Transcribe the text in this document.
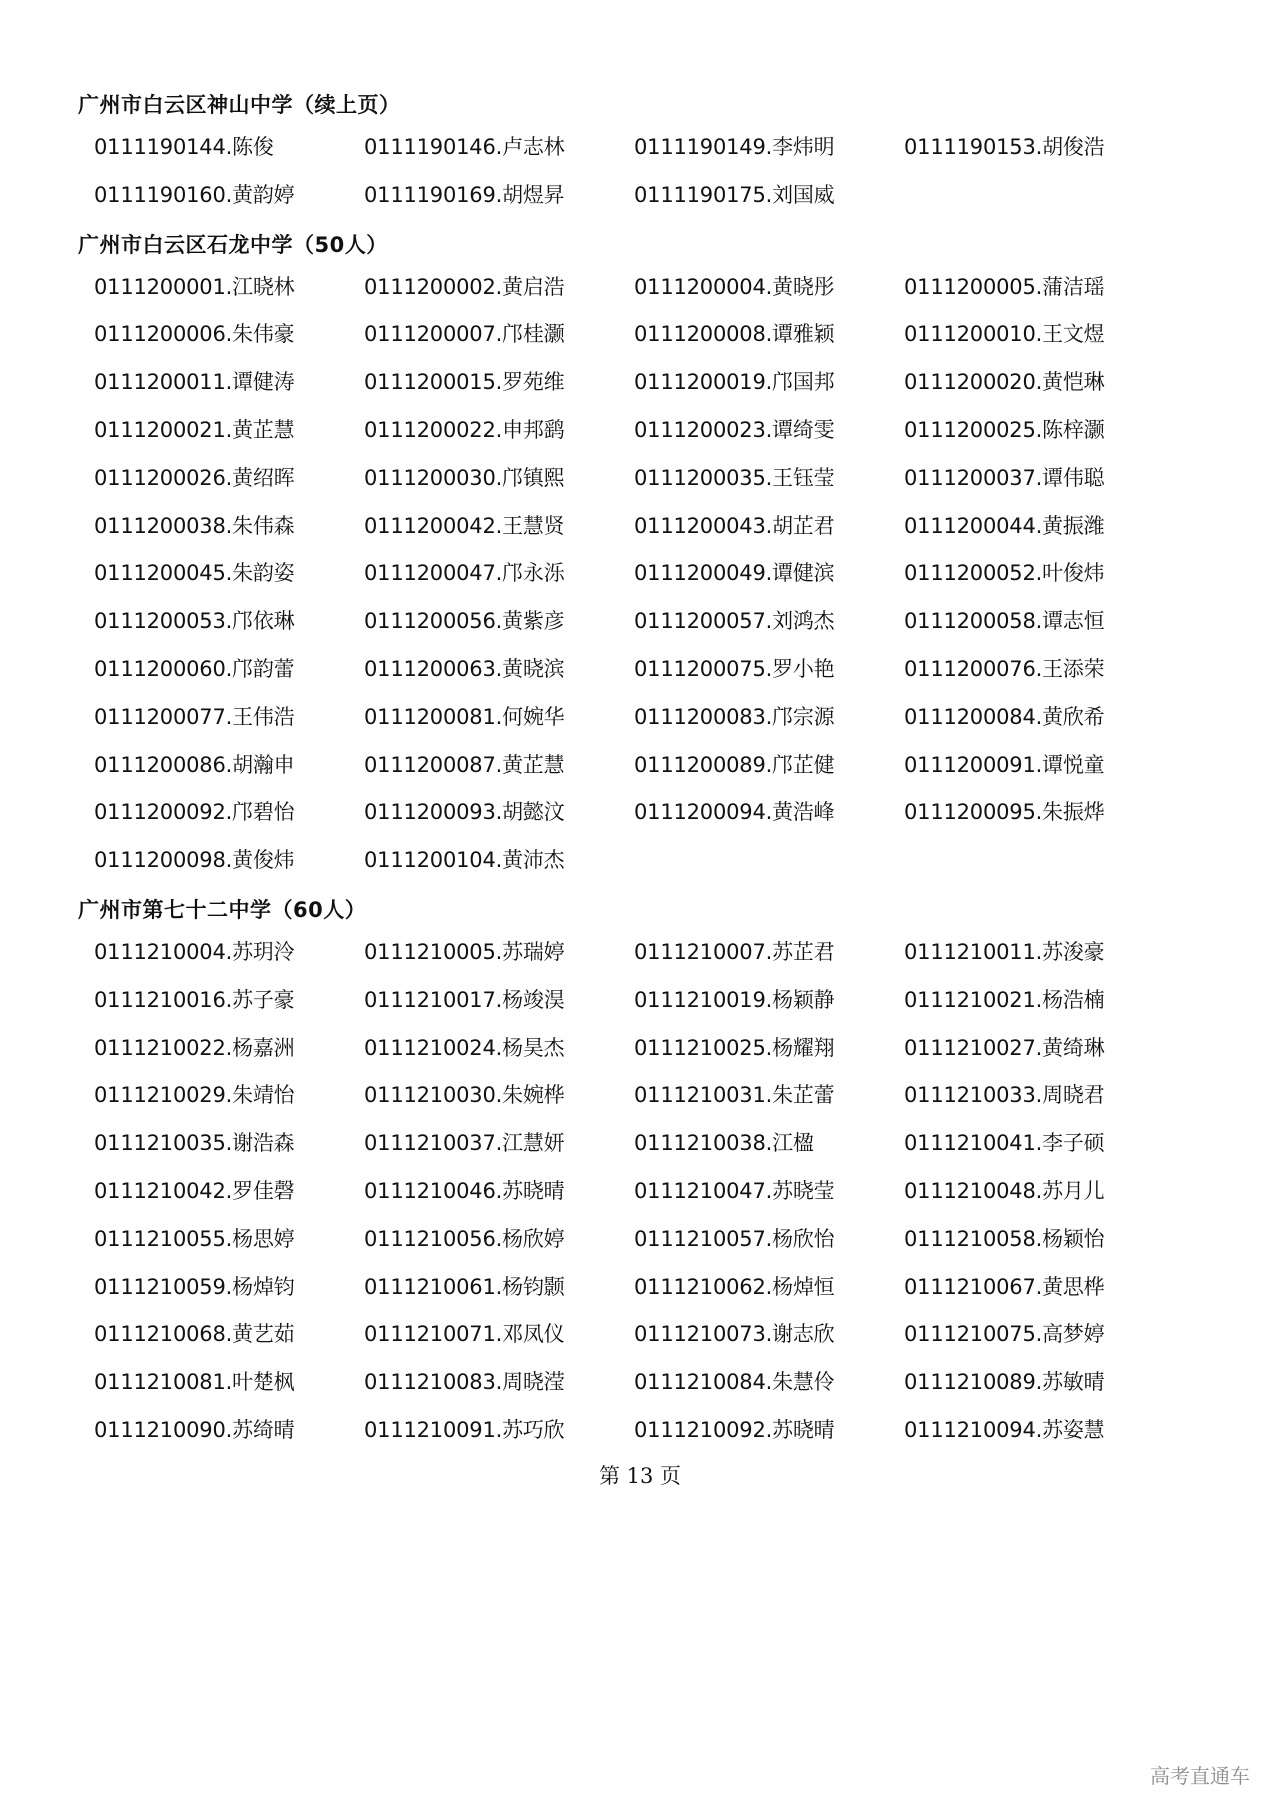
广州市白云区神山中学（续上页）
0111190144.陈俊	0111190146.卢志林	0111190149.李炜明	0111190153.胡俊浩
0111190160.黄韵婷	0111190169.胡煜昇	0111190175.刘国威
广州市白云区石龙中学（50人）
0111200001.江晓林	0111200002.黄启浩	0111200004.黄晓彤	0111200005.蒲洁瑶
0111200006.朱伟豪	0111200007.邝桂灏	0111200008.谭雅颖	0111200010.王文煜
0111200011.谭健涛	0111200015.罗苑维	0111200019.邝国邦	0111200020.黄恺琳
0111200021.黄芷慧	0111200022.申邦鹞	0111200023.谭绮雯	0111200025.陈梓灏
0111200026.黄绍晖	0111200030.邝镇熙	0111200035.王钰莹	0111200037.谭伟聪
0111200038.朱伟森	0111200042.王慧贤	0111200043.胡芷君	0111200044.黄振潍
0111200045.朱韵姿	0111200047.邝永泺	0111200049.谭健滨	0111200052.叶俊炜
0111200053.邝依琳	0111200056.黄紫彦	0111200057.刘鸿杰	0111200058.谭志恒
0111200060.邝韵蕾	0111200063.黄晓滨	0111200075.罗小艳	0111200076.王添荣
0111200077.王伟浩	0111200081.何婉华	0111200083.邝宗源	0111200084.黄欣希
0111200086.胡瀚申	0111200087.黄芷慧	0111200089.邝芷健	0111200091.谭悦童
0111200092.邝碧怡	0111200093.胡懿汶	0111200094.黄浩峰	0111200095.朱振烨
0111200098.黄俊炜	0111200104.黄沛杰
广州市第七十二中学（60人）
0111210004.苏玥泠	0111210005.苏瑞婷	0111210007.苏芷君	0111210011.苏浚豪
0111210016.苏子豪	0111210017.杨竣淏	0111210019.杨颖静	0111210021.杨浩楠
0111210022.杨嘉洲	0111210024.杨昊杰	0111210025.杨耀翔	0111210027.黄绮琳
0111210029.朱靖怡	0111210030.朱婉桦	0111210031.朱芷蕾	0111210033.周晓君
0111210035.谢浩森	0111210037.江慧妍	0111210038.江楹	0111210041.李子硕
0111210042.罗佳磬	0111210046.苏晓晴	0111210047.苏晓莹	0111210048.苏月儿
0111210055.杨思婷	0111210056.杨欣婷	0111210057.杨欣怡	0111210058.杨颖怡
0111210059.杨焯钧	0111210061.杨钧颢	0111210062.杨焯恒	0111210067.黄思桦
0111210068.黄艺茹	0111210071.邓凤仪	0111210073.谢志欣	0111210075.高梦婷
0111210081.叶楚枫	0111210083.周晓滢	0111210084.朱慧伶	0111210089.苏敏晴
0111210090.苏绮晴	0111210091.苏巧欣	0111210092.苏晓晴	0111210094.苏姿慧
第 13 页
高考直通车
